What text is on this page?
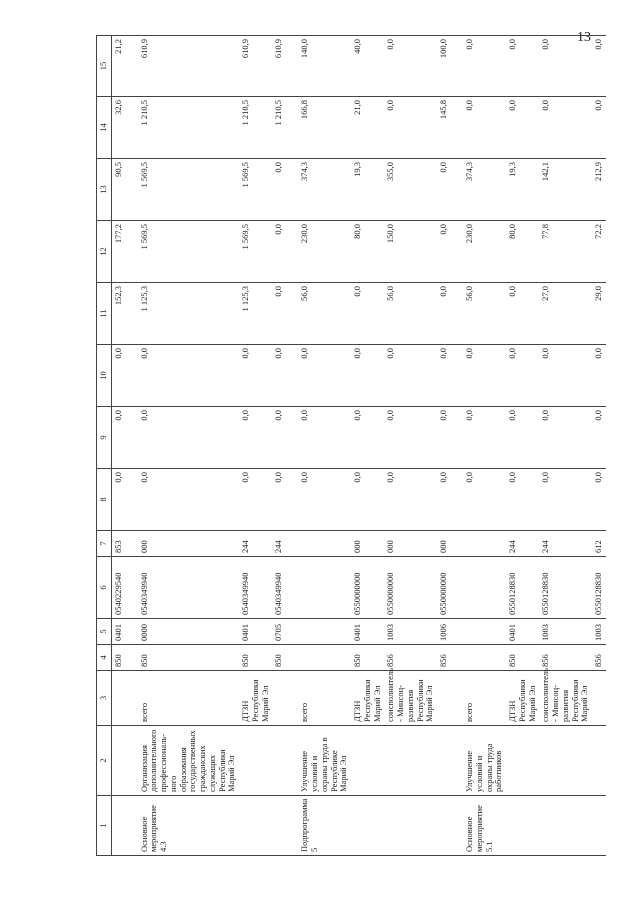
13
1	2	3	4	5	6	7	8	9	10	11	12	13	14	15
			850	0401	0540229540	853	0,0	0,0	0,0	152,3	177,2	90,5	32,6	21,2
Основное мероприятие 4.3	Организация дополнительного профессиональ-ного образования государственных гражданских служащих Республики Марий Эл	всего	850	0000	0540349940	000	0,0	0,0	0,0	1 125,3	1 569,5	1 569,5	1 210,5	610,9
		ДТЗН Республики Марий Эл	850	0401	0540349940	244	0,0	0,0	0,0	1 125,3	1 569,5	1 569,5	1 210,5	610,9
			850	0705	0540349940	244	0,0	0,0	0,0	0,0	0,0	0,0	1 210,5	610,9
Подпрограмма 5	Улучшение условий и охраны труда в Республике Марий Эл	всего					0,0	0,0	0,0	56,0	230,0	374,3	166,8	140,0
		ДТЗН Республики Марий Эл	850	0401	0550000000	000	0,0	0,0	0,0	0,0	80,0	19,3	21,0	40,0
		соисполнитель - Минсоц-развития Республики Марий Эл	856	1003	0550000000	000	0,0	0,0	0,0	56,0	150,0	355,0	0,0	0,0
			856	1006	0550000000	000	0,0	0,0	0,0	0,0	0,0	0,0	145,8	100,0
Основное мероприятие 5.1	Улучшение условий и охраны труда работников	всего					0,0	0,0	0,0	56,0	230,0	374,3	0,0	0,0
		ДТЗН Республики Марий Эл	850	0401	0550128830	244	0,0	0,0	0,0	0,0	80,0	19,3	0,0	0,0
		соисполнитель - Минсоц-развития Республики Марий Эл	856	1003	0550128830	244	0,0	0,0	0,0	27,0	77,8	142,1	0,0	0,0
			856	1003	0550128830	612	0,0	0,0	0,0	29,0	72,2	212,9	0,0	0,0
